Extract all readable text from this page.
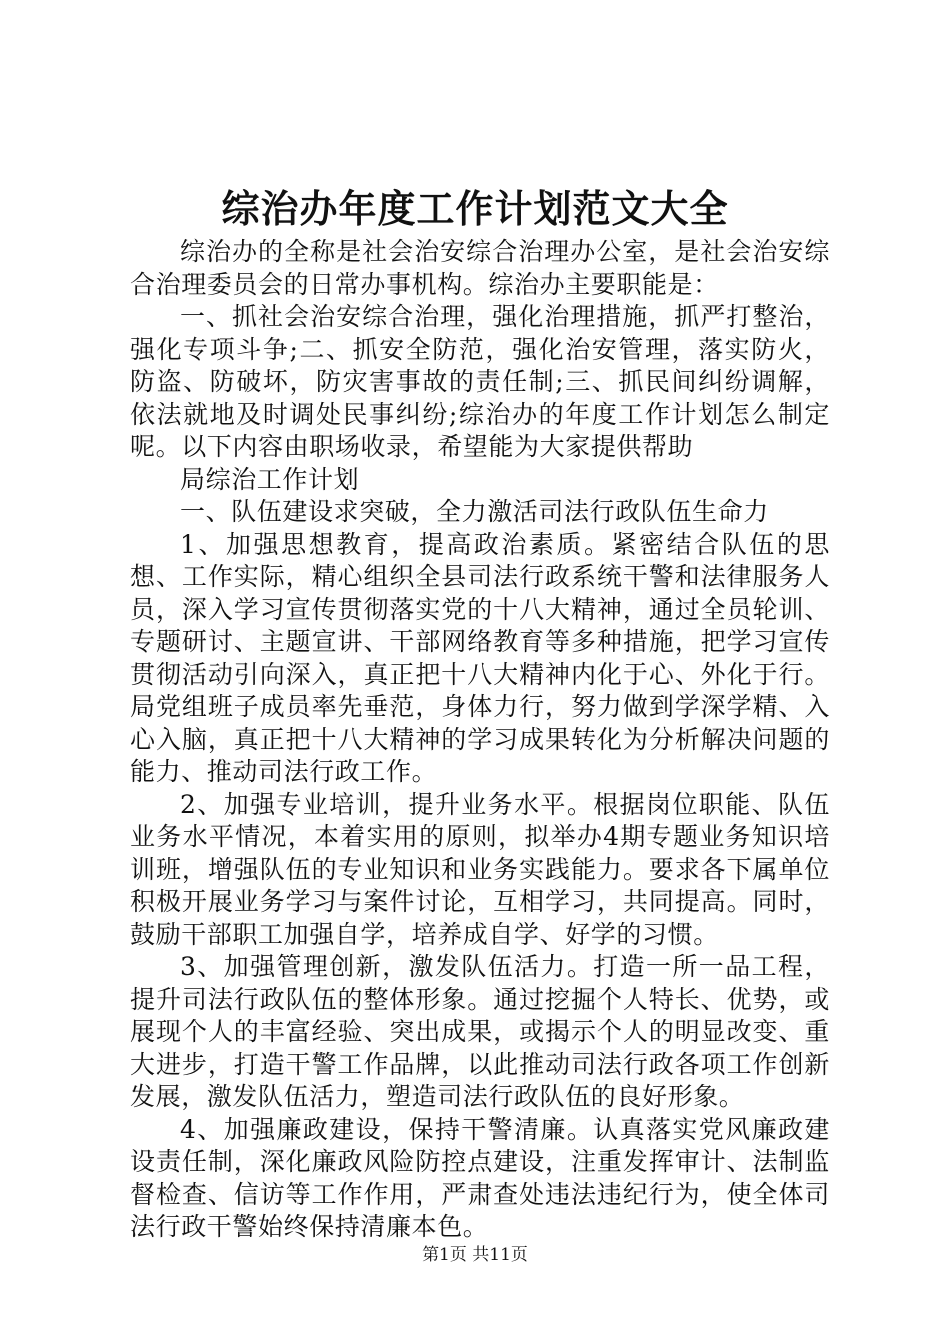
综治办年度工作计划范文大全

综治办的全称是社会治安综合治理办公室，是社会治安综合治理委员会的日常办事机构。综治办主要职能是：

一、抓社会治安综合治理，强化治理措施，抓严打整治，强化专项斗争;二、抓安全防范，强化治安管理，落实防火，防盗、防破坏，防灾害事故的责任制;三、抓民间纠纷调解，依法就地及时调处民事纠纷;综治办的年度工作计划怎么制定呢。以下内容由职场收录，希望能为大家提供帮助

局综治工作计划

一、队伍建设求突破，全力激活司法行政队伍生命力

1、加强思想教育，提高政治素质。紧密结合队伍的思想、工作实际，精心组织全县司法行政系统干警和法律服务人员，深入学习宣传贯彻落实党的十八大精神，通过全员轮训、专题研讨、主题宣讲、干部网络教育等多种措施，把学习宣传贯彻活动引向深入，真正把十八大精神内化于心、外化于行。局党组班子成员率先垂范，身体力行，努力做到学深学精、入心入脑，真正把十八大精神的学习成果转化为分析解决问题的能力、推动司法行政工作。

2、加强专业培训，提升业务水平。根据岗位职能、队伍业务水平情况，本着实用的原则，拟举办4期专题业务知识培训班，增强队伍的专业知识和业务实践能力。要求各下属单位积极开展业务学习与案件讨论，互相学习，共同提高。同时，鼓励干部职工加强自学，培养成自学、好学的习惯。

3、加强管理创新，激发队伍活力。打造一所一品工程，提升司法行政队伍的整体形象。通过挖掘个人特长、优势，或展现个人的丰富经验、突出成果，或揭示个人的明显改变、重大进步，打造干警工作品牌，以此推动司法行政各项工作创新发展，激发队伍活力，塑造司法行政队伍的良好形象。

4、加强廉政建设，保持干警清廉。认真落实党风廉政建设责任制，深化廉政风险防控点建设，注重发挥审计、法制监督检查、信访等工作作用，严肃查处违法违纪行为，使全体司法行政干警始终保持清廉本色。

第1页 共11页
